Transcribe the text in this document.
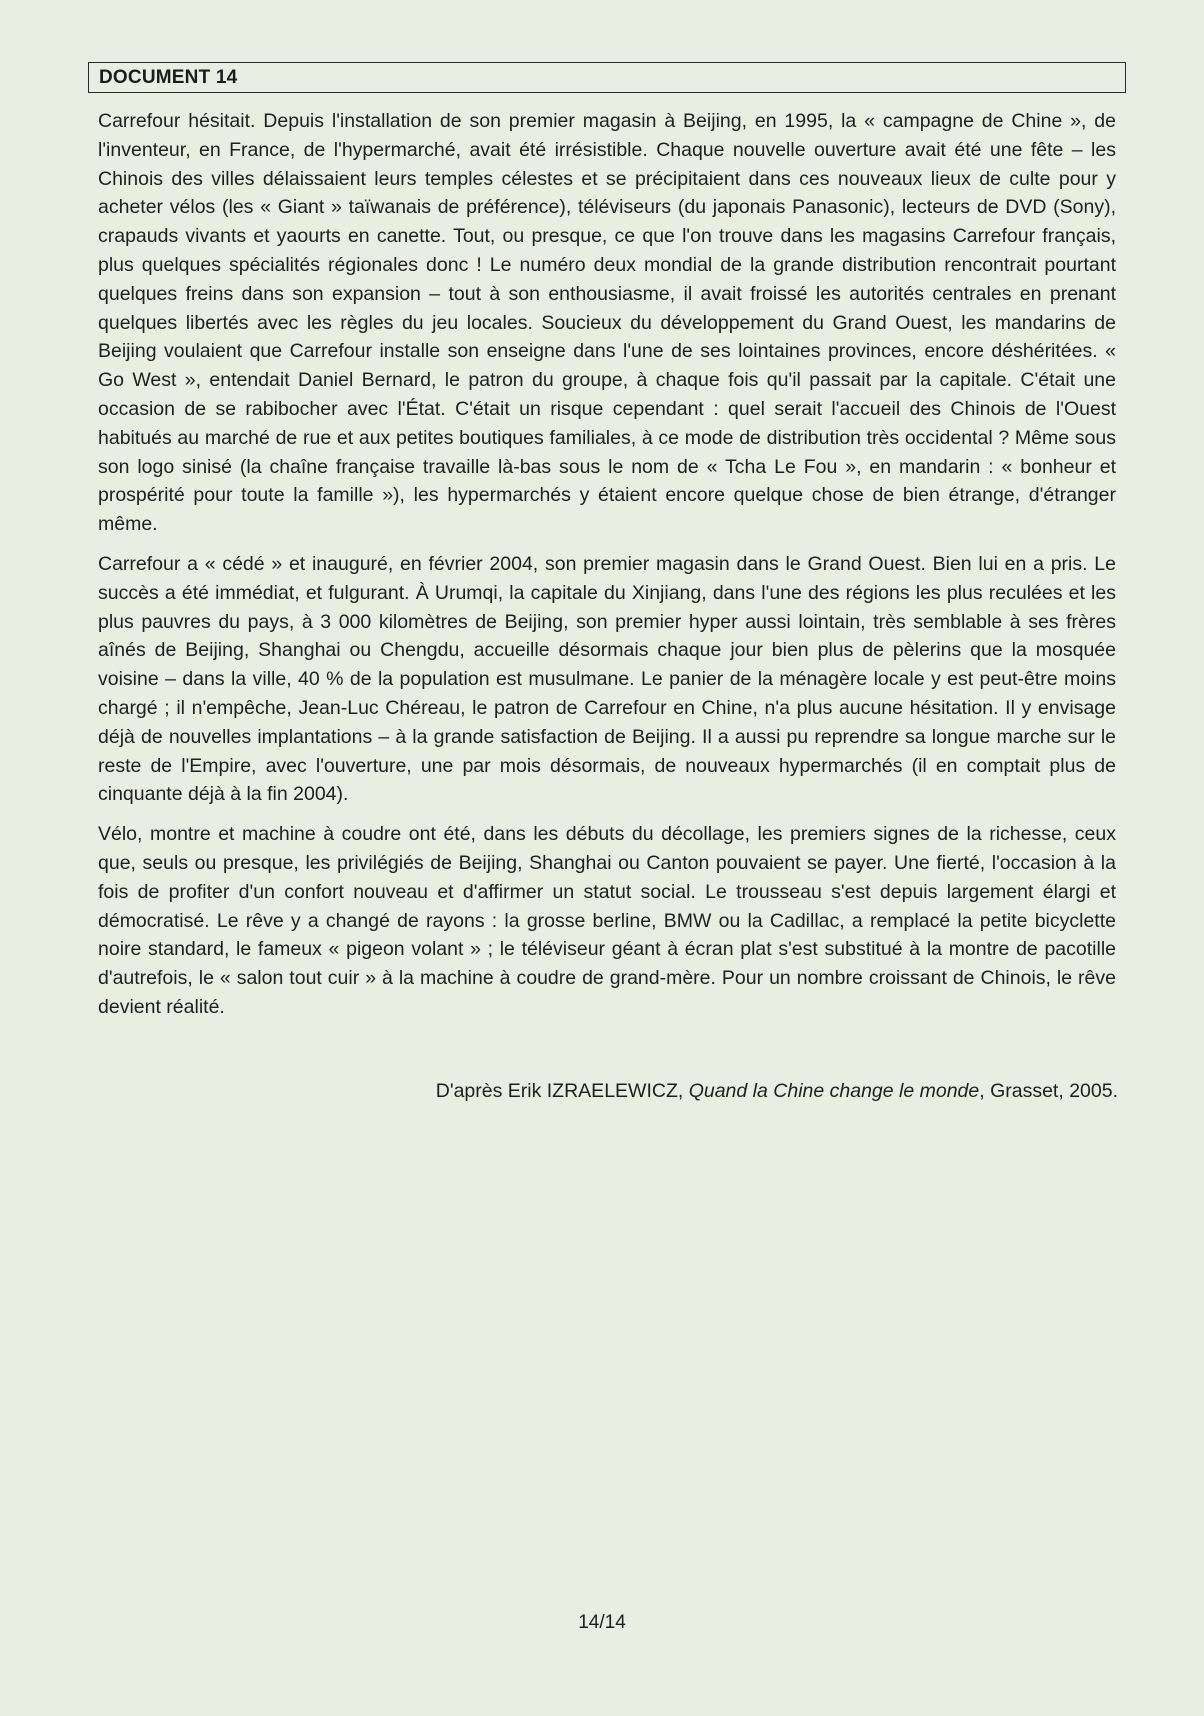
DOCUMENT 14

Carrefour hésitait. Depuis l'installation de son premier magasin à Beijing, en 1995, la « campagne de Chine », de l'inventeur, en France, de l'hypermarché, avait été irrésistible. Chaque nouvelle ouverture avait été une fête – les Chinois des villes délaissaient leurs temples célestes et se précipitaient dans ces nouveaux lieux de culte pour y acheter vélos (les « Giant » taïwanais de préférence), téléviseurs (du japonais Panasonic), lecteurs de DVD (Sony), crapauds vivants et yaourts en canette. Tout, ou presque, ce que l'on trouve dans les magasins Carrefour français, plus quelques spécialités régionales donc ! Le numéro deux mondial de la grande distribution rencontrait pourtant quelques freins dans son expansion – tout à son enthousiasme, il avait froissé les autorités centrales en prenant quelques libertés avec les règles du jeu locales. Soucieux du développement du Grand Ouest, les mandarins de Beijing voulaient que Carrefour installe son enseigne dans l'une de ses lointaines provinces, encore déshéritées. « Go West », entendait Daniel Bernard, le patron du groupe, à chaque fois qu'il passait par la capitale. C'était une occasion de se rabibocher avec l'État. C'était un risque cependant : quel serait l'accueil des Chinois de l'Ouest habitués au marché de rue et aux petites boutiques familiales, à ce mode de distribution très occidental ? Même sous son logo sinisé (la chaîne française travaille là-bas sous le nom de « Tcha Le Fou », en mandarin : « bonheur et prospérité pour toute la famille »), les hypermarchés y étaient encore quelque chose de bien étrange, d'étranger même.

Carrefour a « cédé » et inauguré, en février 2004, son premier magasin dans le Grand Ouest. Bien lui en a pris. Le succès a été immédiat, et fulgurant. À Urumqi, la capitale du Xinjiang, dans l'une des régions les plus reculées et les plus pauvres du pays, à 3 000 kilomètres de Beijing, son premier hyper aussi lointain, très semblable à ses frères aînés de Beijing, Shanghai ou Chengdu, accueille désormais chaque jour bien plus de pèlerins que la mosquée voisine – dans la ville, 40 % de la population est musulmane. Le panier de la ménagère locale y est peut-être moins chargé ; il n'empêche, Jean-Luc Chéreau, le patron de Carrefour en Chine, n'a plus aucune hésitation. Il y envisage déjà de nouvelles implantations – à la grande satisfaction de Beijing. Il a aussi pu reprendre sa longue marche sur le reste de l'Empire, avec l'ouverture, une par mois désormais, de nouveaux hypermarchés (il en comptait plus de cinquante déjà à la fin 2004).

Vélo, montre et machine à coudre ont été, dans les débuts du décollage, les premiers signes de la richesse, ceux que, seuls ou presque, les privilégiés de Beijing, Shanghai ou Canton pouvaient se payer. Une fierté, l'occasion à la fois de profiter d'un confort nouveau et d'affirmer un statut social. Le trousseau s'est depuis largement élargi et démocratisé. Le rêve y a changé de rayons : la grosse berline, BMW ou la Cadillac, a remplacé la petite bicyclette noire standard, le fameux « pigeon volant » ; le téléviseur géant à écran plat s'est substitué à la montre de pacotille d'autrefois, le « salon tout cuir » à la machine à coudre de grand-mère. Pour un nombre croissant de Chinois, le rêve devient réalité.

D'après Erik IZRAELEWICZ, Quand la Chine change le monde, Grasset, 2005.
14/14
